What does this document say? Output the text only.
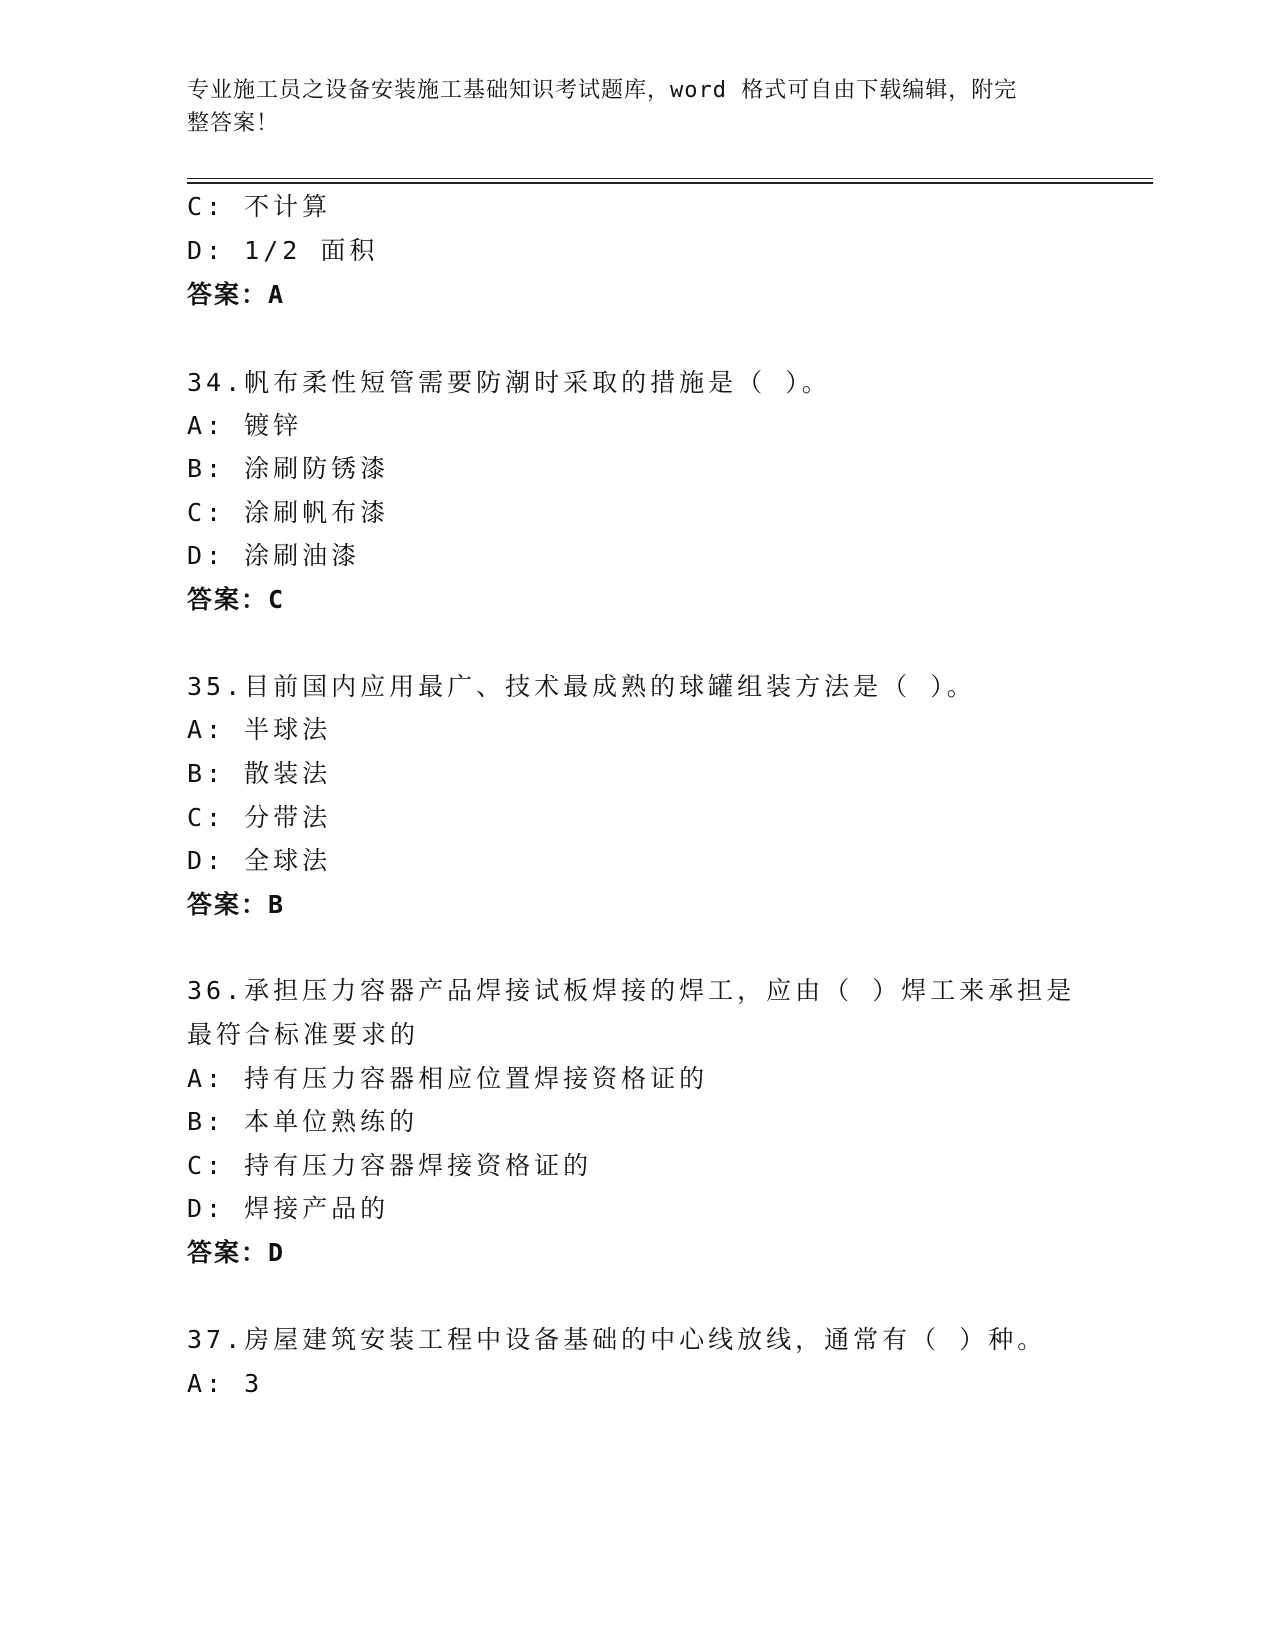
专业施工员之设备安装施工基础知识考试题库，word 格式可自由下载编辑，附完
整答案！
C: 不计算
D: 1/2 面积
答案：A
34.帆布柔性短管需要防潮时采取的措施是（ ）。
A: 镀锌
B: 涂刷防锈漆
C: 涂刷帆布漆
D: 涂刷油漆
答案：C
35.目前国内应用最广、技术最成熟的球罐组装方法是（ ）。
A: 半球法
B: 散装法
C: 分带法
D: 全球法
答案：B
36.承担压力容器产品焊接试板焊接的焊工，应由（ ）焊工来承担是
最符合标准要求的
A: 持有压力容器相应位置焊接资格证的
B: 本单位熟练的
C: 持有压力容器焊接资格证的
D: 焊接产品的
答案：D
37.房屋建筑安装工程中设备基础的中心线放线，通常有（ ）种。
A: 3
